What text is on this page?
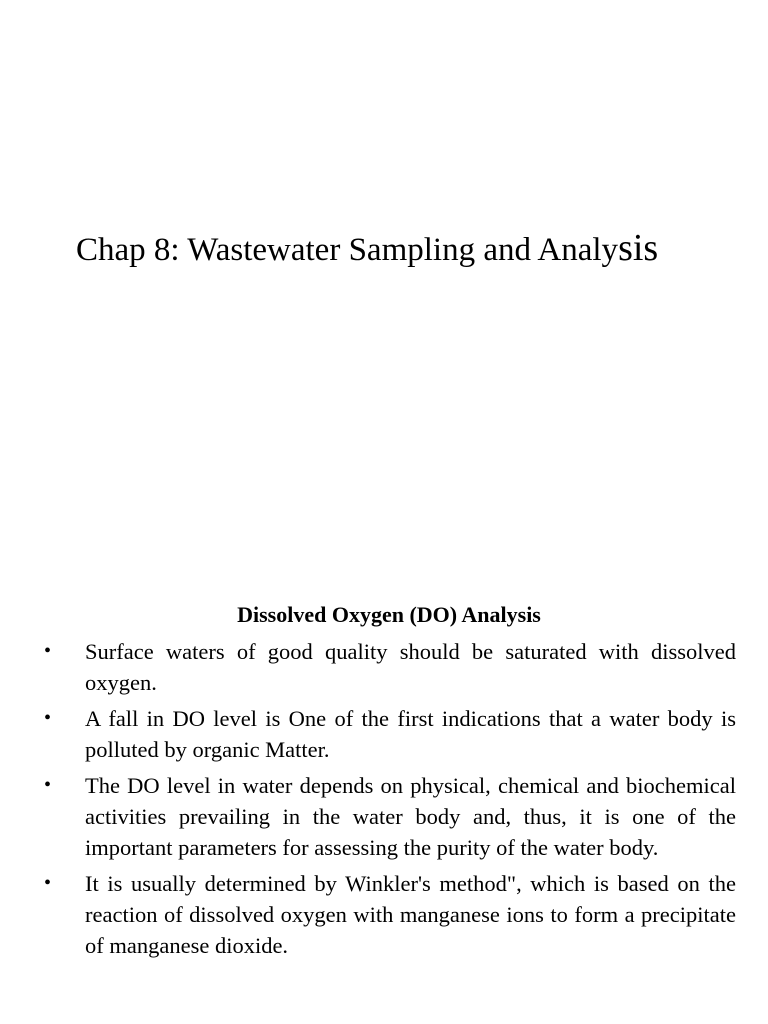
Chap 8: Wastewater Sampling and Analysis
Dissolved Oxygen (DO) Analysis
• Surface waters of good quality should be saturated with dissolved oxygen.
• A fall in DO level is One of the first indications that a water body is polluted by organic Matter.
• The DO level in water depends on physical, chemical and biochemical activities prevailing in the water body and, thus, it is one of the important parameters for assessing the purity of the water body.
• It is usually determined by Winkler's method", which is based on the reaction of dissolved oxygen with manganese ions to form a precipitate of manganese dioxide.
